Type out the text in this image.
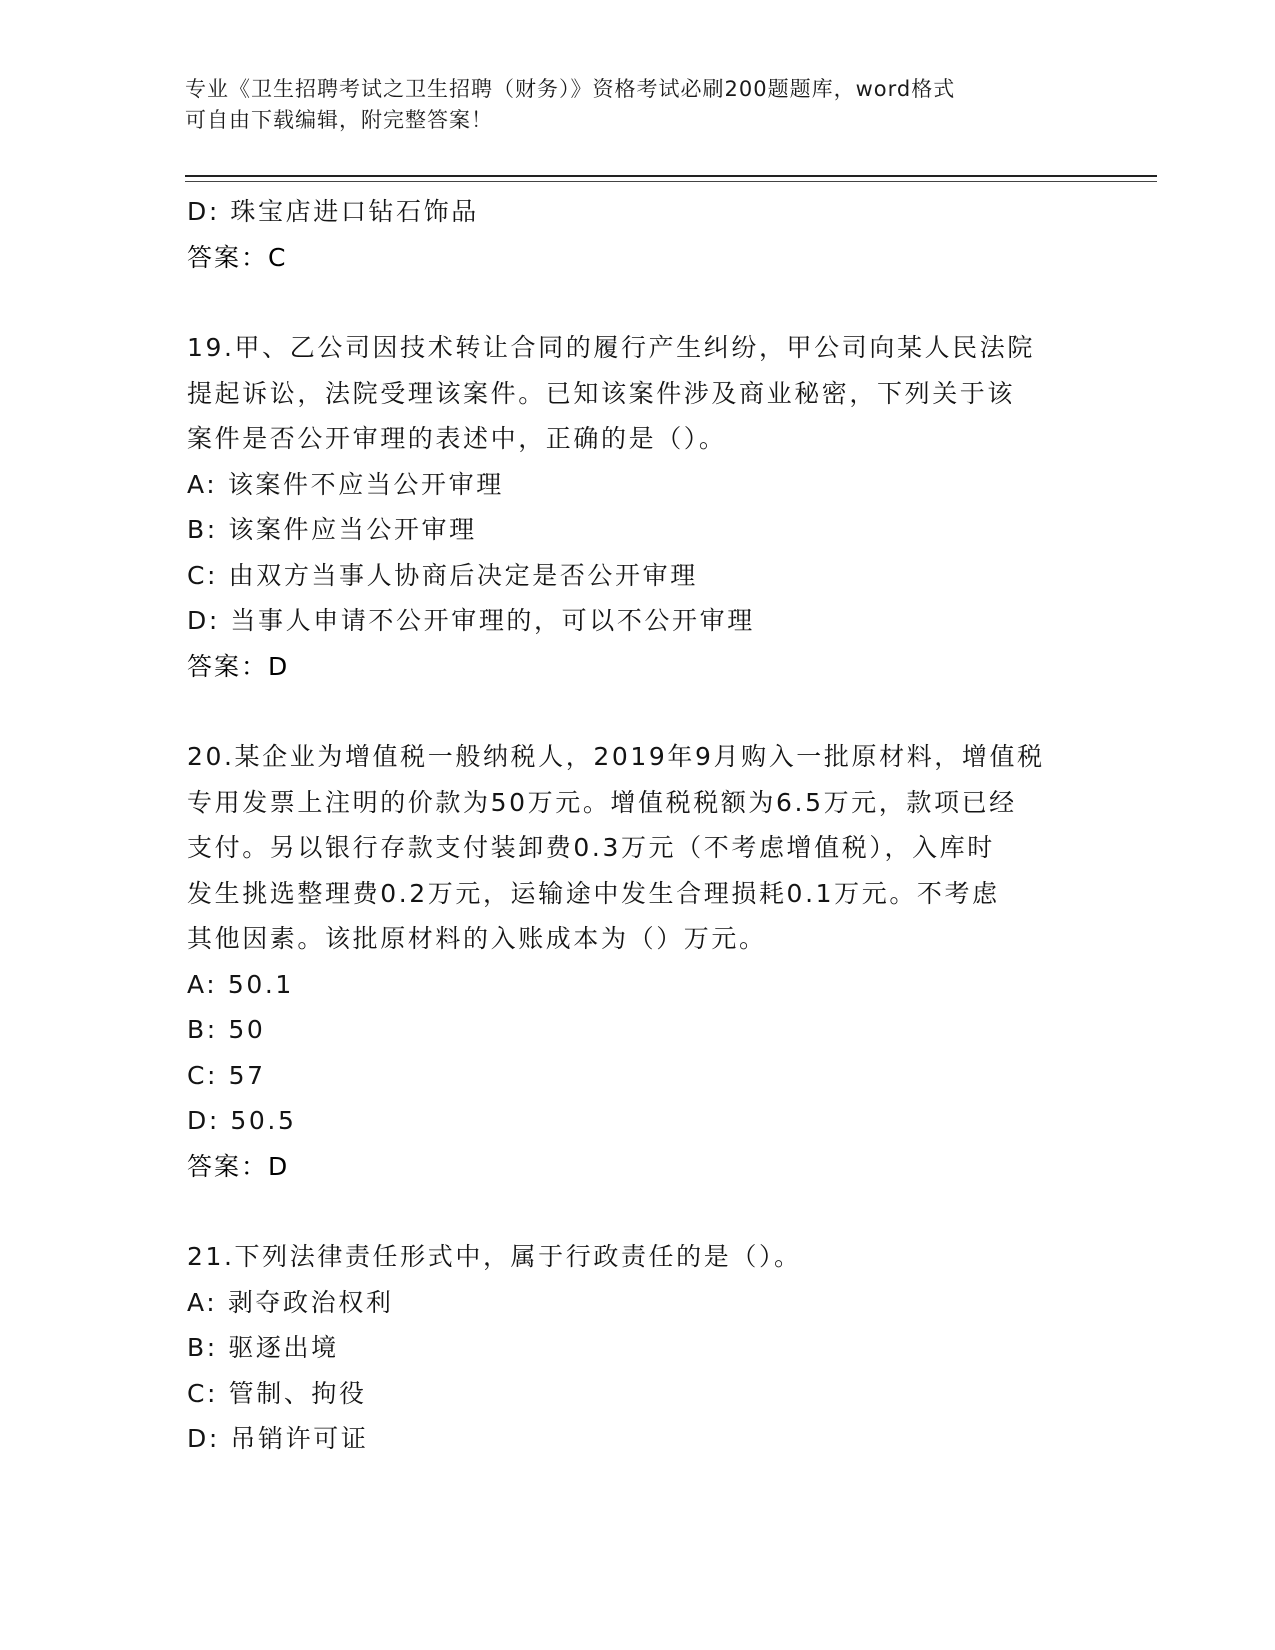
专业《卫生招聘考试之卫生招聘（财务）》资格考试必刷200题题库，word格式
可自由下载编辑，附完整答案！
D: 珠宝店进口钻石饰品
答案：C
19.甲、乙公司因技术转让合同的履行产生纠纷，甲公司向某人民法院
提起诉讼，法院受理该案件。已知该案件涉及商业秘密，下列关于该
案件是否公开审理的表述中，正确的是（）。
A: 该案件不应当公开审理
B: 该案件应当公开审理
C: 由双方当事人协商后决定是否公开审理
D: 当事人申请不公开审理的，可以不公开审理
答案：D
20.某企业为增值税一般纳税人，2019年9月购入一批原材料，增值税
专用发票上注明的价款为50万元。增值税税额为6.5万元，款项已经
支付。另以银行存款支付装卸费0.3万元（不考虑增值税），入库时
发生挑选整理费0.2万元，运输途中发生合理损耗0.1万元。不考虑
其他因素。该批原材料的入账成本为（）万元。
A: 50.1
B: 50
C: 57
D: 50.5
答案：D
21.下列法律责任形式中，属于行政责任的是（）。
A: 剥夺政治权利
B: 驱逐出境
C: 管制、拘役
D: 吊销许可证
